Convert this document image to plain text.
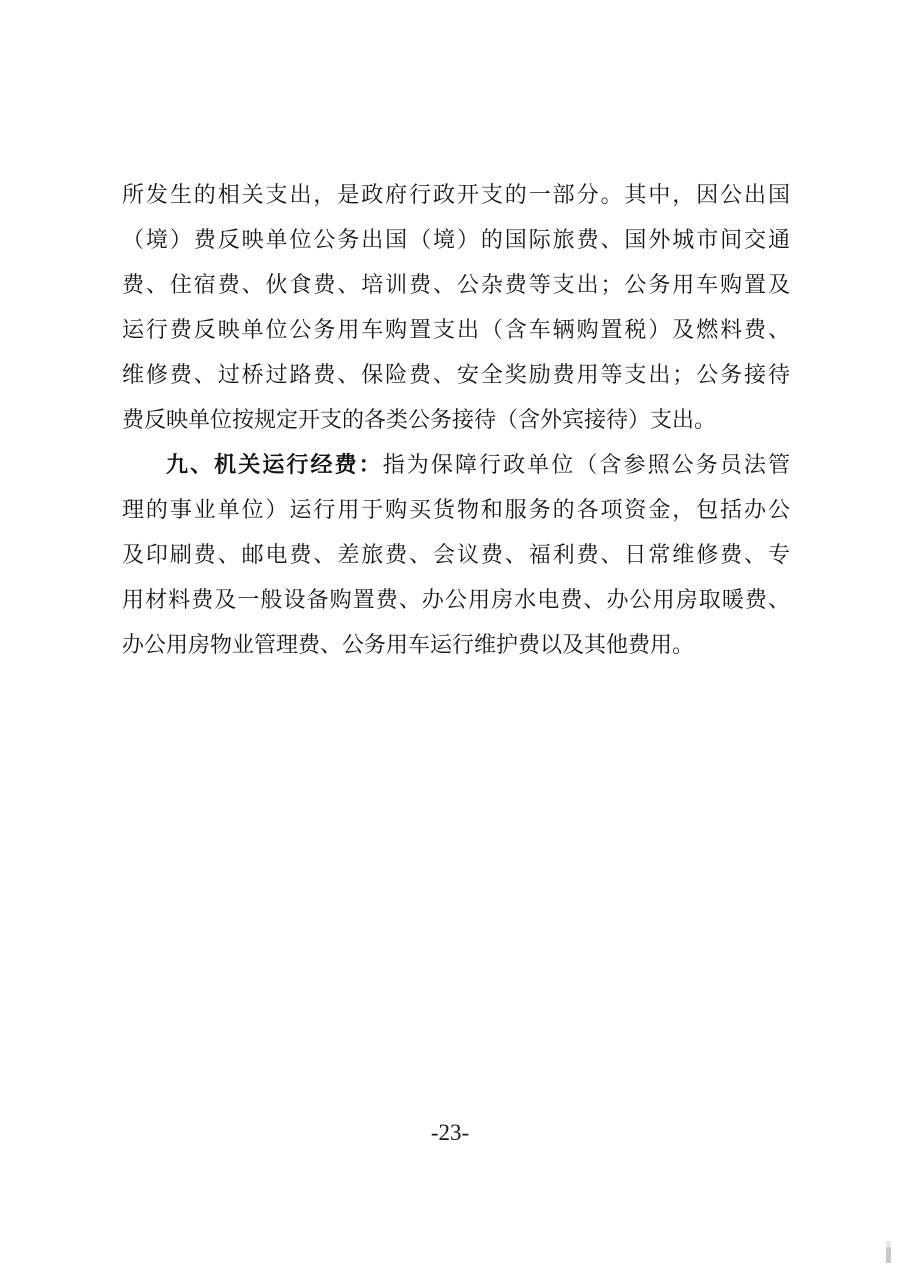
所发生的相关支出，是政府行政开支的一部分。其中，因公出国
（境）费反映单位公务出国（境）的国际旅费、国外城市间交通
费、住宿费、伙食费、培训费、公杂费等支出；公务用车购置及
运行费反映单位公务用车购置支出（含车辆购置税）及燃料费、
维修费、过桥过路费、保险费、安全奖励费用等支出；公务接待
费反映单位按规定开支的各类公务接待（含外宾接待）支出。
九、机关运行经费：指为保障行政单位（含参照公务员法管
理的事业单位）运行用于购买货物和服务的各项资金，包括办公
及印刷费、邮电费、差旅费、会议费、福利费、日常维修费、专
用材料费及一般设备购置费、办公用房水电费、办公用房取暖费、
办公用房物业管理费、公务用车运行维护费以及其他费用。
-23-
